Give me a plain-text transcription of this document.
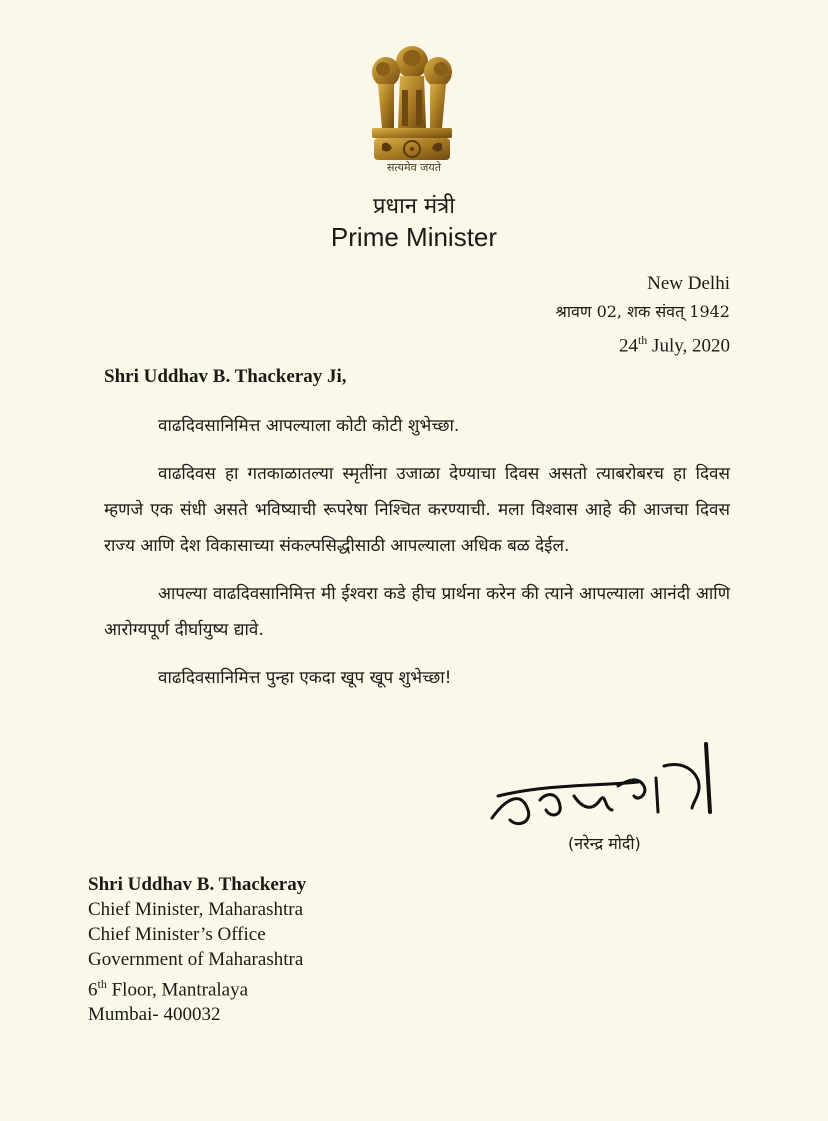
सत्यमेव जयते
प्रधान मंत्री
Prime Minister
New Delhi
श्रावण 02, शक संवत् 1942
24th July, 2020
Shri Uddhav B. Thackeray Ji,

वाढदिवसानिमित्त आपल्याला कोटी कोटी शुभेच्छा.

वाढदिवस हा गतकाळातल्या स्मृतींना उजाळा देण्याचा दिवस असतो त्याबरोबरच हा दिवस म्हणजे एक संधी असते भविष्याची रूपरेषा निश्चित करण्याची. मला विश्वास आहे की आजचा दिवस राज्य आणि देश विकासाच्या संकल्पसिद्धीसाठी आपल्याला अधिक बळ देईल.

आपल्या वाढदिवसानिमित्त मी ईश्वरा कडे हीच प्रार्थना करेन की त्याने आपल्याला आनंदी आणि आरोग्यपूर्ण दीर्घायुष्य द्यावे.

वाढदिवसानिमित्त पुन्हा एकदा खूप खूप शुभेच्छा!

(नरेन्द्र मोदी)
Shri Uddhav B. Thackeray
Chief Minister, Maharashtra
Chief Minister’s Office
Government of Maharashtra
6th Floor, Mantralaya
Mumbai- 400032
